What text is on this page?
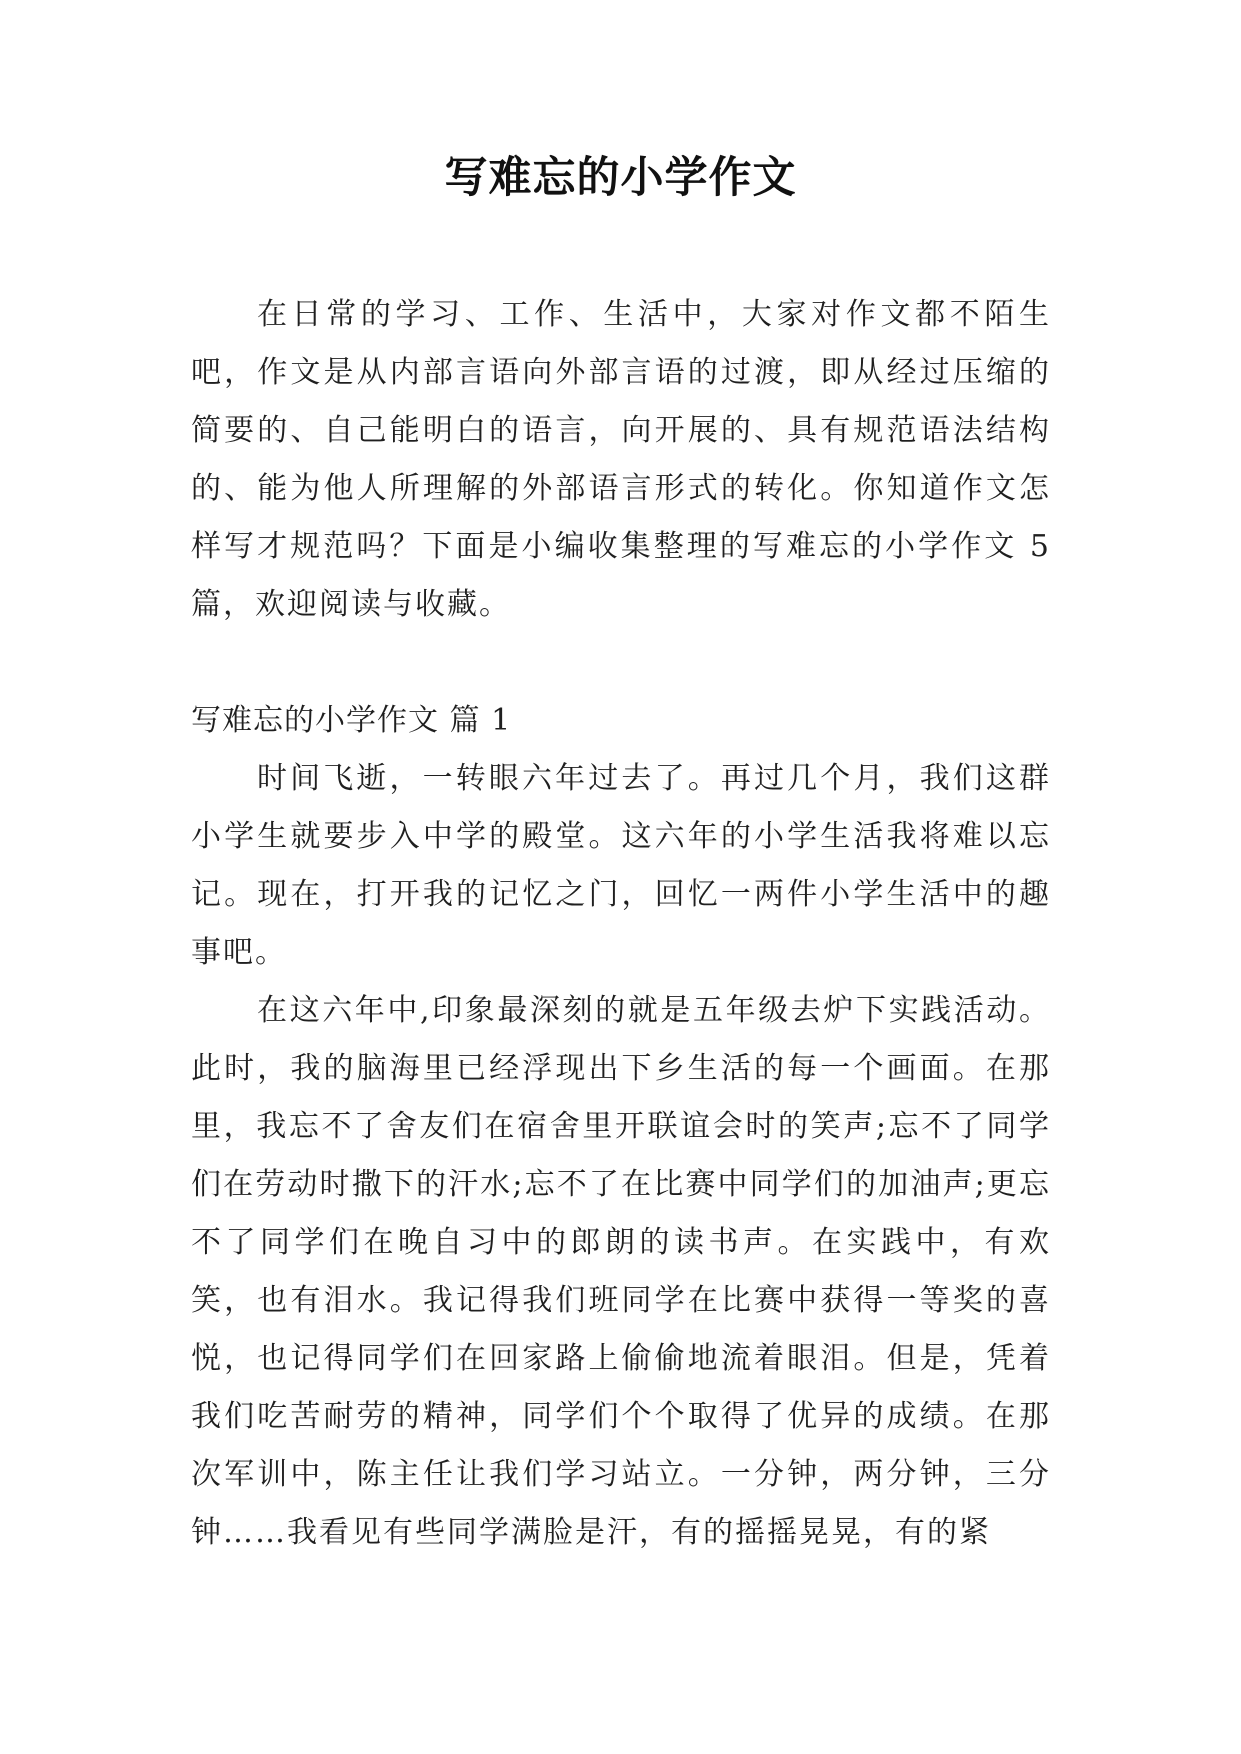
写难忘的小学作文

在日常的学习、工作、生活中，大家对作文都不陌生吧，作文是从内部言语向外部言语的过渡，即从经过压缩的简要的、自己能明白的语言，向开展的、具有规范语法结构的、能为他人所理解的外部语言形式的转化。你知道作文怎样写才规范吗？下面是小编收集整理的写难忘的小学作文 5 篇，欢迎阅读与收藏。

写难忘的小学作文 篇 1

时间飞逝，一转眼六年过去了。再过几个月，我们这群小学生就要步入中学的殿堂。这六年的小学生活我将难以忘记。现在，打开我的记忆之门，回忆一两件小学生活中的趣事吧。

在这六年中,印象最深刻的就是五年级去炉下实践活动。此时，我的脑海里已经浮现出下乡生活的每一个画面。在那里，我忘不了舍友们在宿舍里开联谊会时的笑声;忘不了同学们在劳动时撒下的汗水;忘不了在比赛中同学们的加油声;更忘不了同学们在晚自习中的郎朗的读书声。在实践中，有欢笑，也有泪水。我记得我们班同学在比赛中获得一等奖的喜悦，也记得同学们在回家路上偷偷地流着眼泪。但是，凭着我们吃苦耐劳的精神，同学们个个取得了优异的成绩。在那次军训中，陈主任让我们学习站立。一分钟，两分钟，三分钟……我看见有些同学满脸是汗，有的摇摇晃晃，有的紧
